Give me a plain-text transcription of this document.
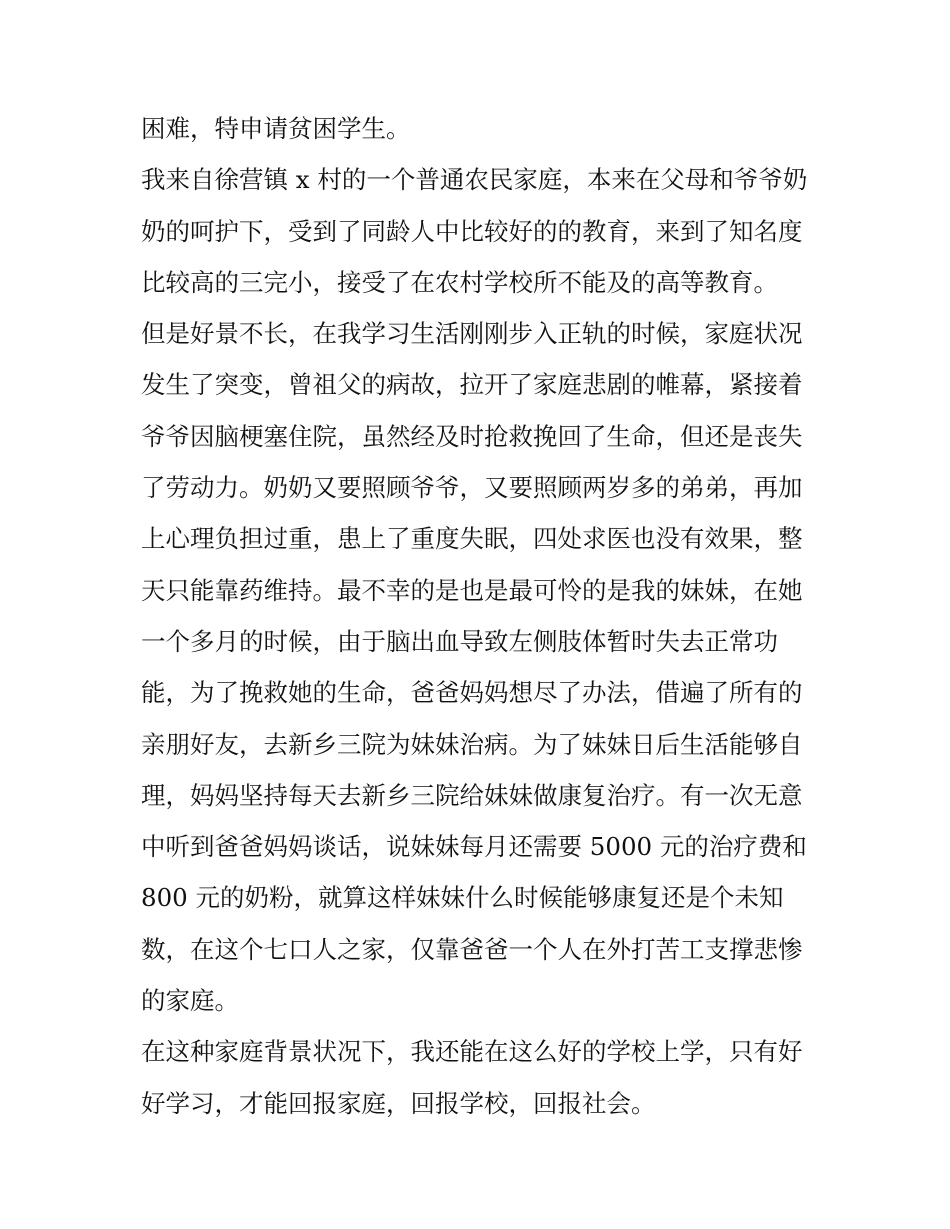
困难，特申请贫困学生。
我来自徐营镇 x 村的一个普通农民家庭，本来在父母和爷爷奶
奶的呵护下，受到了同龄人中比较好的的教育，来到了知名度
比较高的三完小，接受了在农村学校所不能及的高等教育。
但是好景不长，在我学习生活刚刚步入正轨的时候，家庭状况
发生了突变，曾祖父的病故，拉开了家庭悲剧的帷幕，紧接着
爷爷因脑梗塞住院，虽然经及时抢救挽回了生命，但还是丧失
了劳动力。奶奶又要照顾爷爷，又要照顾两岁多的弟弟，再加
上心理负担过重，患上了重度失眠，四处求医也没有效果，整
天只能靠药维持。最不幸的是也是最可怜的是我的妹妹，在她
一个多月的时候，由于脑出血导致左侧肢体暂时失去正常功
能，为了挽救她的生命，爸爸妈妈想尽了办法，借遍了所有的
亲朋好友，去新乡三院为妹妹治病。为了妹妹日后生活能够自
理，妈妈坚持每天去新乡三院给妹妹做康复治疗。有一次无意
中听到爸爸妈妈谈话，说妹妹每月还需要 5000 元的治疗费和
800 元的奶粉，就算这样妹妹什么时候能够康复还是个未知
数，在这个七口人之家，仅靠爸爸一个人在外打苦工支撑悲惨
的家庭。
在这种家庭背景状况下，我还能在这么好的学校上学，只有好
好学习，才能回报家庭，回报学校，回报社会。
